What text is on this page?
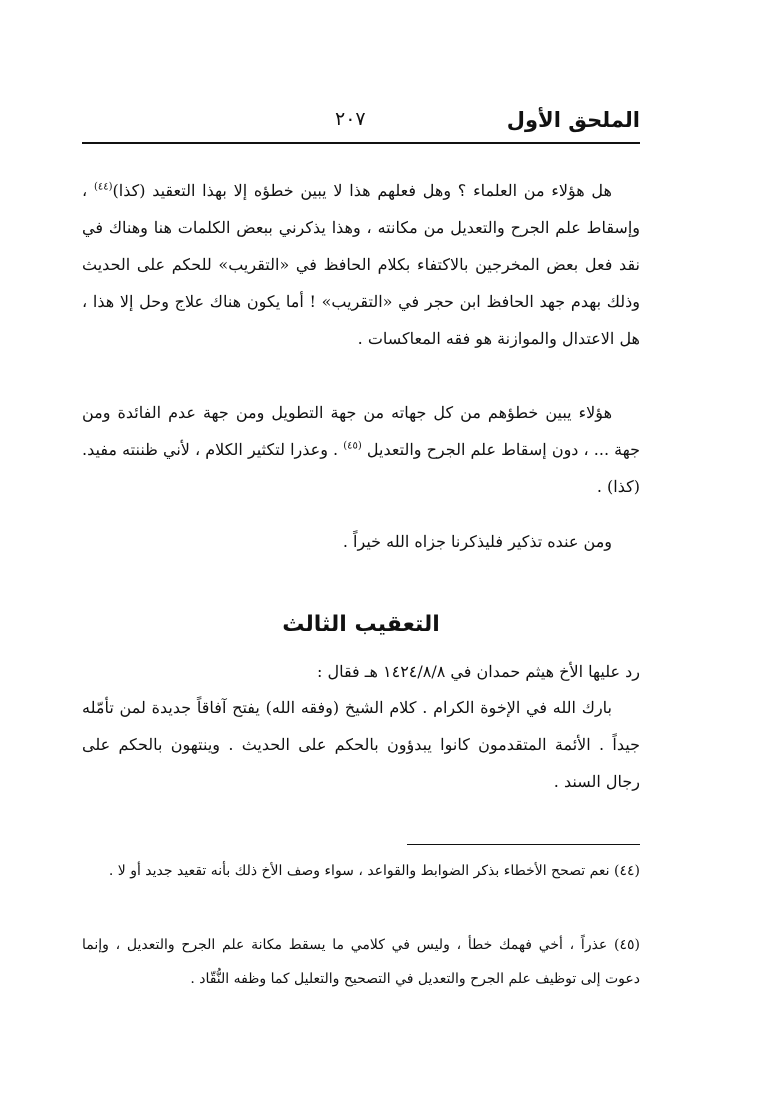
الملحق الأول
٢٠٧

هل هؤلاء من العلماء ؟ وهل فعلهم هذا لا يبين خطؤه إلا بهذا التعقيد (كذا)$^{(٤٤)}$ ، وإسقاط علم الجرح والتعديل من مكانته ، وهذا يذكرني ببعض الكلمات هنا وهناك في نقد فعل بعض المخرجين بالاكتفاء بكلام الحافظ في «التقريب» للحكم على الحديث وذلك بهدم جهد الحافظ ابن حجر في «التقريب» ! أما يكون هناك علاج وحل إلا هذا ، هل الاعتدال والموازنة هو فقه المعاكسات .

هؤلاء يبين خطؤهم من كل جهاته من جهة التطويل ومن جهة عدم الفائدة ومن جهة ... ، دون إسقاط علم الجرح والتعديل $^{(٤٥)}$ . وعذرا لتكثير الكلام ، لأني ظننته مفيد. (كذا) .

ومن عنده تذكير فليذكرنا جزاه الله خيراً .

التعقيب الثالث

رد عليها الأخ هيثم حمدان في ١٤٢٤/٨/٨ هـ فقال :

بارك الله في الإخوة الكرام . كلام الشيخ (وفقه الله) يفتح آفاقاً جديدة لمن تأمّله جيداً . الأئمة المتقدمون كانوا يبدؤون بالحكم على الحديث . وينتهون بالحكم على رجال السند .

(٤٤) نعم تصحح الأخطاء بذكر الضوابط والقواعد ، سواء وصف الأخ ذلك بأنه تقعيد جديد أو لا .

(٤٥) عذراً ، أخي فهمك خطأ ، وليس في كلامي ما يسقط مكانة علم الجرح والتعديل ، وإنما دعوت إلى توظيف علم الجرح والتعديل في التصحيح والتعليل كما وظفه النُّقّاد .
